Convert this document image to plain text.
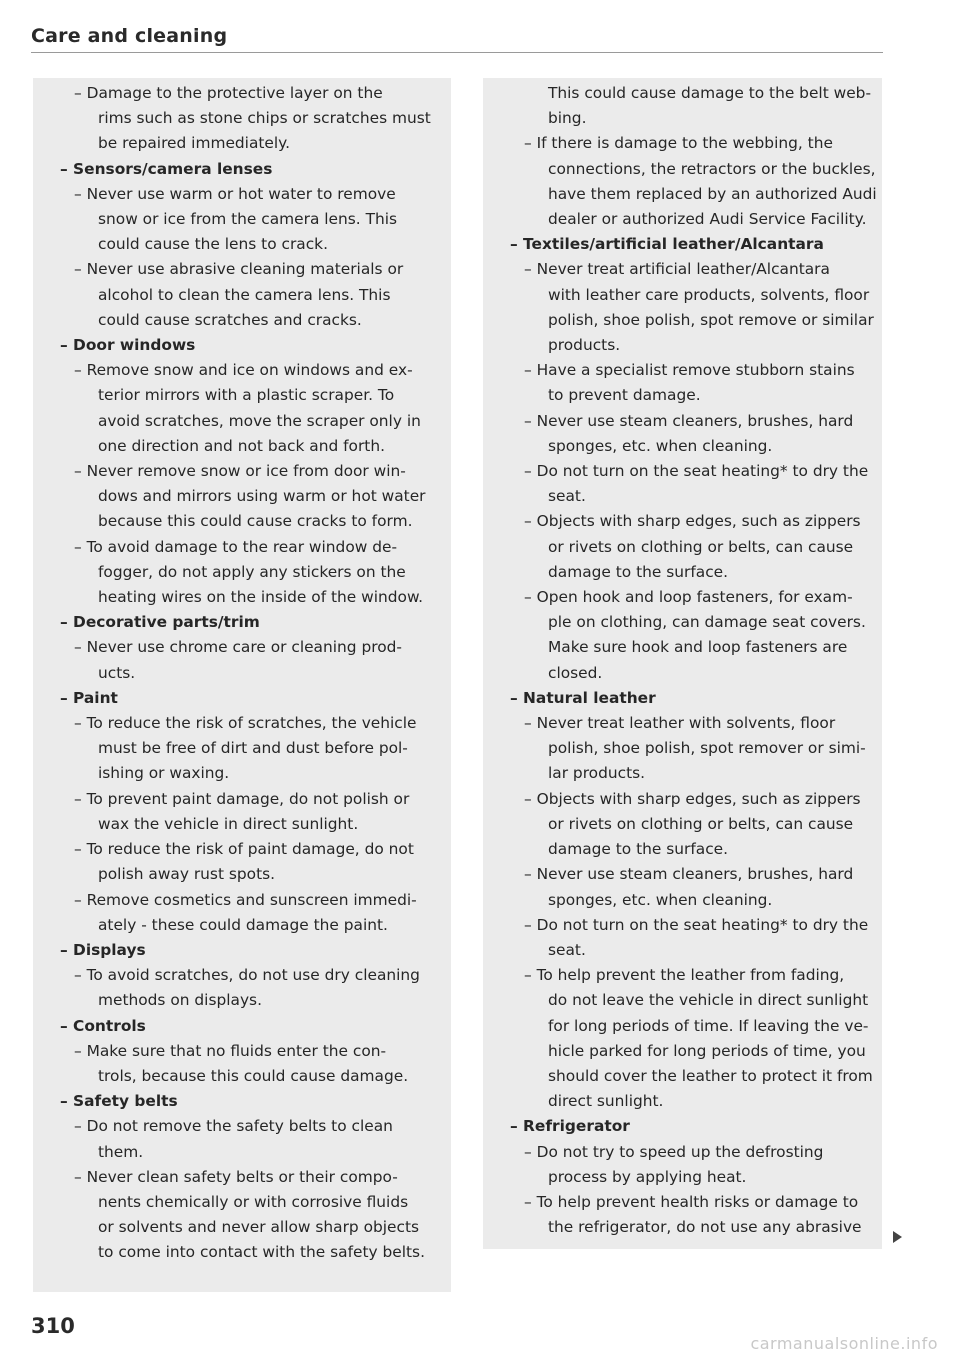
Care and cleaning

– Damage to the protective layer on the

rims such as stone chips or scratches must

be repaired immediately.

– Sensors/camera lenses

– Never use warm or hot water to remove

snow or ice from the camera lens. This

could cause the lens to crack.

– Never use abrasive cleaning materials or

alcohol to clean the camera lens. This

could cause scratches and cracks.

– Door windows

– Remove snow and ice on windows and ex-

terior mirrors with a plastic scraper. To

avoid scratches, move the scraper only in

one direction and not back and forth.

– Never remove snow or ice from door win-

dows and mirrors using warm or hot water

because this could cause cracks to form.

– To avoid damage to the rear window de-

fogger, do not apply any stickers on the

heating wires on the inside of the window.

– Decorative parts/trim

– Never use chrome care or cleaning prod-

ucts.

– Paint

– To reduce the risk of scratches, the vehicle

must be free of dirt and dust before pol-

ishing or waxing.

– To prevent paint damage, do not polish or

wax the vehicle in direct sunlight.

– To reduce the risk of paint damage, do not

polish away rust spots.

– Remove cosmetics and sunscreen immedi-

ately - these could damage the paint.

– Displays

– To avoid scratches, do not use dry cleaning

methods on displays.

– Controls

– Make sure that no fluids enter the con-

trols, because this could cause damage.

– Safety belts

– Do not remove the safety belts to clean

them.

– Never clean safety belts or their compo-

nents chemically or with corrosive fluids

or solvents and never allow sharp objects

to come into contact with the safety belts.

This could cause damage to the belt web-

bing.

– If there is damage to the webbing, the

connections, the retractors or the buckles,

have them replaced by an authorized Audi

dealer or authorized Audi Service Facility.

– Textiles/artificial leather/Alcantara

– Never treat artificial leather/Alcantara

with leather care products, solvents, floor

polish, shoe polish, spot remove or similar

products.

– Have a specialist remove stubborn stains

to prevent damage.

– Never use steam cleaners, brushes, hard

sponges, etc. when cleaning.

– Do not turn on the seat heating* to dry the

seat.

– Objects with sharp edges, such as zippers

or rivets on clothing or belts, can cause

damage to the surface.

– Open hook and loop fasteners, for exam-

ple on clothing, can damage seat covers.

Make sure hook and loop fasteners are

closed.

– Natural leather

– Never treat leather with solvents, floor

polish, shoe polish, spot remover or simi-

lar products.

– Objects with sharp edges, such as zippers

or rivets on clothing or belts, can cause

damage to the surface.

– Never use steam cleaners, brushes, hard

sponges, etc. when cleaning.

– Do not turn on the seat heating* to dry the

seat.

– To help prevent the leather from fading,

do not leave the vehicle in direct sunlight

for long periods of time. If leaving the ve-

hicle parked for long periods of time, you

should cover the leather to protect it from

direct sunlight.

– Refrigerator

– Do not try to speed up the defrosting

process by applying heat.

– To help prevent health risks or damage to

the refrigerator, do not use any abrasive

310
carmanualsonline.info
